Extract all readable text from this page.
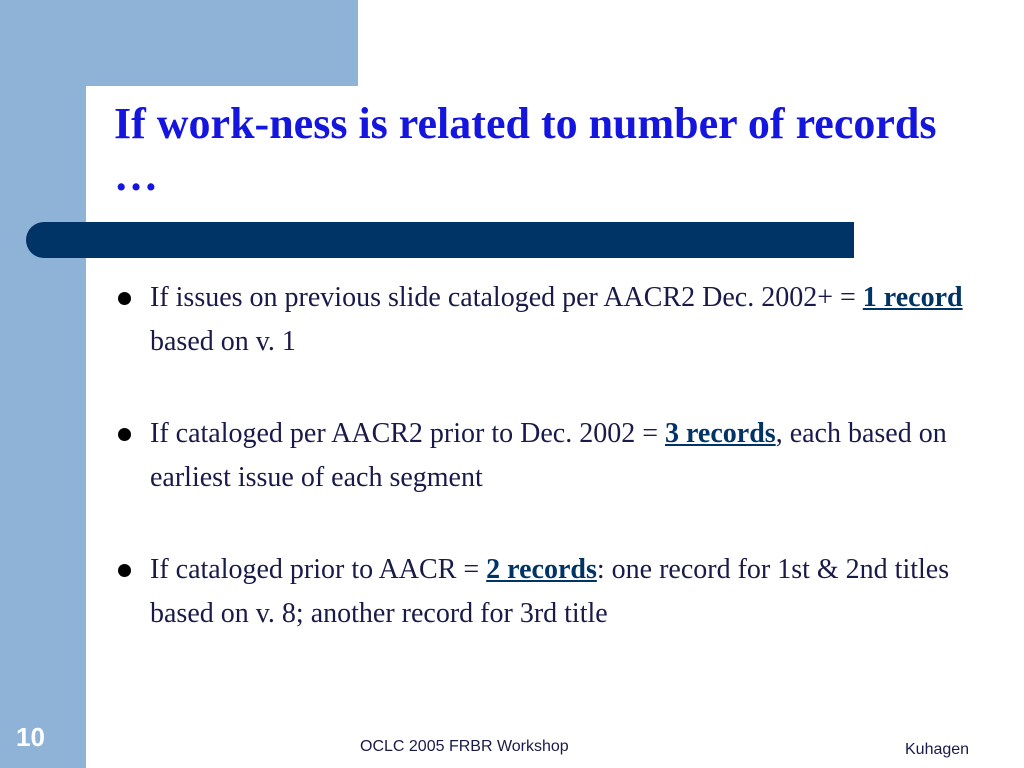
If work-ness is related to number of records …
If issues on previous slide cataloged per AACR2 Dec. 2002+ = 1 record based on v. 1
If cataloged per AACR2 prior to Dec. 2002 = 3 records, each based on earliest issue of each segment
If cataloged prior to AACR = 2 records: one record for 1st & 2nd titles based on v. 8; another record for 3rd title
10	OCLC 2005 FRBR Workshop	Kuhagen
